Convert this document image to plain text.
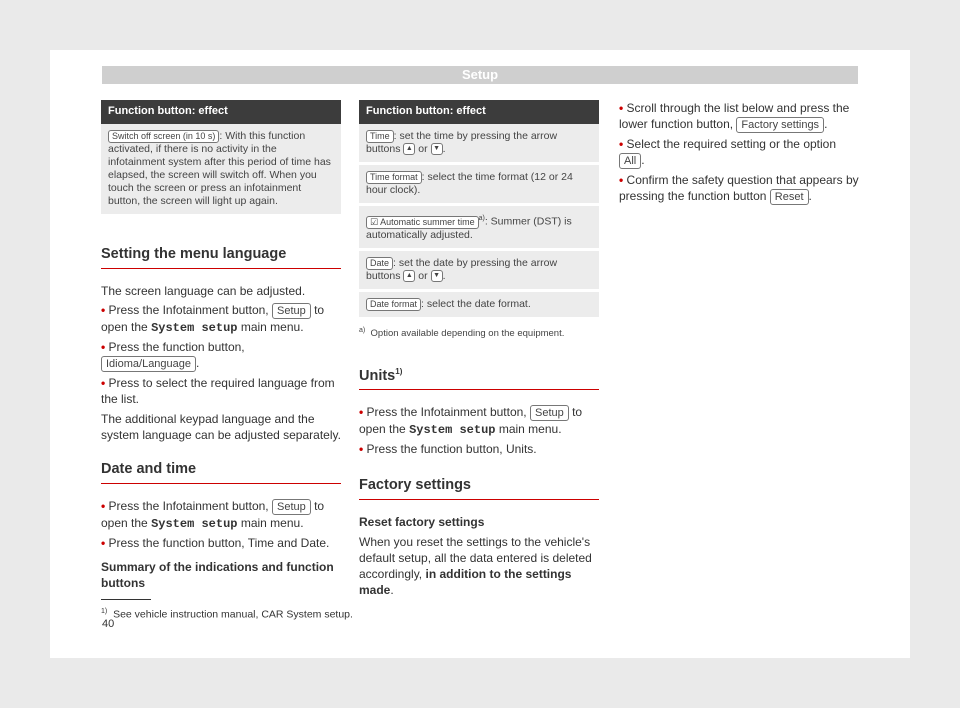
Setup
Function button: effect
Switch off screen (in 10 s) : With this function activated, if there is no activity in the infotainment system after this period of time has elapsed, the screen will switch off. When you touch the screen or press an infotainment button, the screen will light up again.
Setting the menu language
The screen language can be adjusted.
• Press the Infotainment button, Setup to open the System setup main menu.
• Press the function button, Idioma/Language .
• Press to select the required language from the list.
The additional keypad language and the system language can be adjusted separately.
Date and time
• Press the Infotainment button, Setup to open the System setup main menu.
• Press the function button, Time and Date.
Summary of the indications and function buttons
Function button: effect
Time : set the time by pressing the arrow buttons ▲ or ▼ .
Time format : select the time format (12 or 24 hour clock).
☑ Automatic summer time $^{a)}$: Summer (DST) is automatically adjusted.
Date : set the date by pressing the arrow buttons ▲ or ▼ .
Date format : select the date format.
$^{a)}$ Option available depending on the equipment.
Units$^{1)}$
• Press the Infotainment button, Setup to open the System setup main menu.
• Press the function button, Units.
Factory settings
Reset factory settings
When you reset the settings to the vehicle's default setup, all the data entered is deleted accordingly, in addition to the settings made.
• Scroll through the list below and press the lower function button, Factory settings .
• Select the required setting or the option All .
• Confirm the safety question that appears by pressing the function button Reset .
$^{1)}$ See vehicle instruction manual, CAR System setup.
40
